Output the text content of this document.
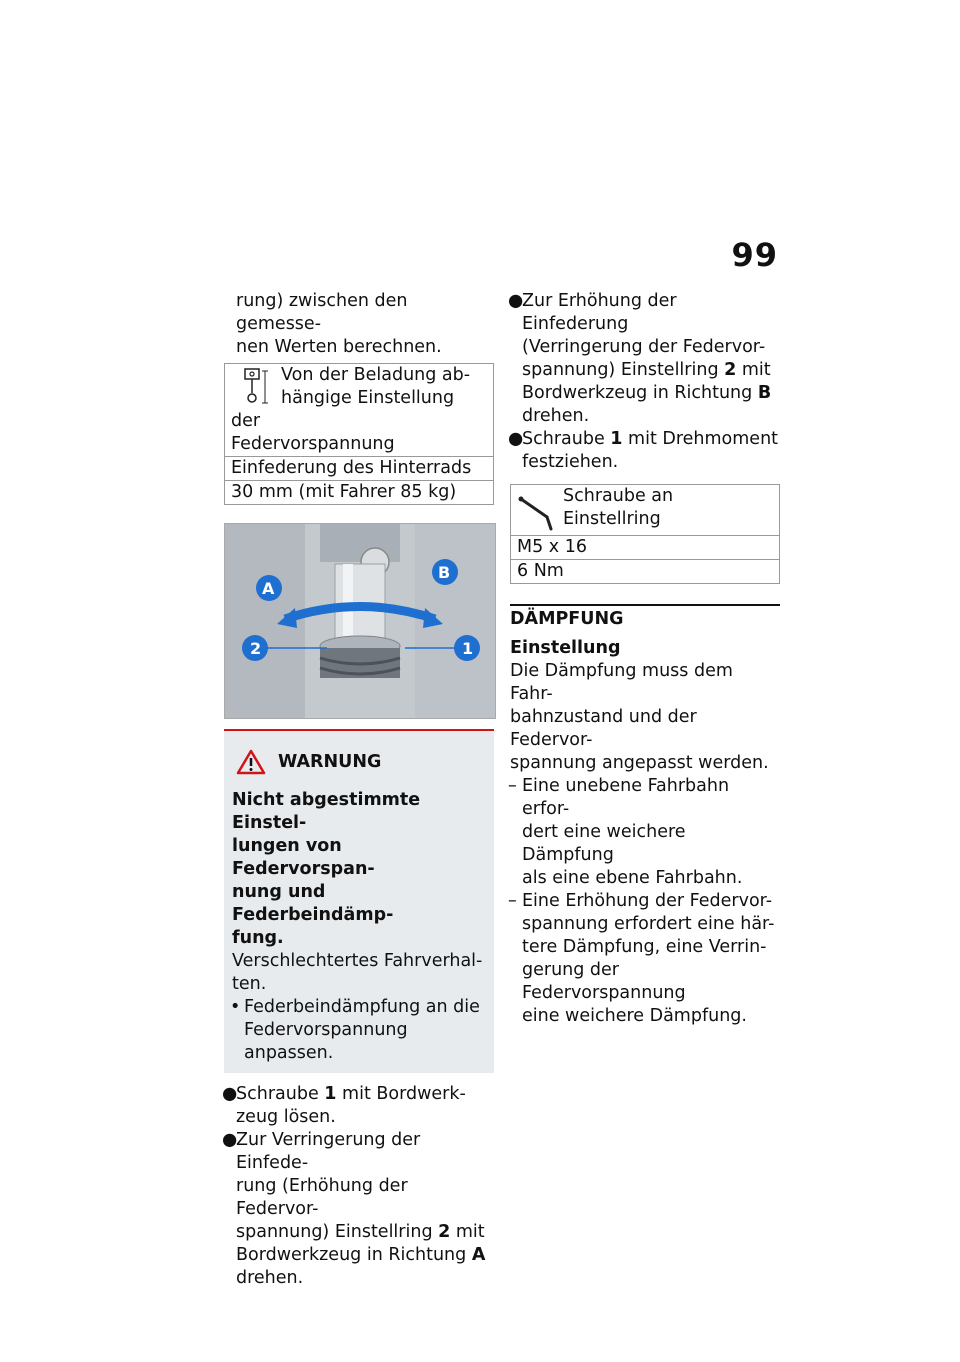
99

rung) zwischen den gemesse-

nen Werten berechnen.

Von der Beladung ab-
hängige Einstellung der
Federvorspannung

Einfederung des Hinterrads
30 mm (mit Fahrer 85 kg)
A
B
2	1
WARNUNG
Nicht abgestimmte Einstel-
lungen von Federvorspan-
nung und Federbeindämp-
fung.
Verschlechtertes Fahrverhal-
ten.
• Federbeindämpfung an die
Federvorspannung anpassen.
●
Schraube 1 mit Bordwerk-
zeug lösen.
●
Zur Verringerung der Einfede-
rung (Erhöhung der Federvor-
spannung) Einstellring 2 mit
Bordwerkzeug in Richtung A
drehen.
●
Zur Erhöhung der Einfederung
(Verringerung der Federvor-
spannung) Einstellring 2 mit
Bordwerkzeug in Richtung B
drehen.
●
Schraube 1 mit Drehmoment
festziehen.
Schraube an Einstellring
M5 x 16
6 Nm
DÄMPFUNG
Einstellung
Die Dämpfung muss dem Fahr-
bahnzustand und der Federvor-
spannung angepasst werden.
– Eine unebene Fahrbahn erfor-
dert eine weichere Dämpfung
als eine ebene Fahrbahn.
– Eine Erhöhung der Federvor-
spannung erfordert eine här-
tere Dämpfung, eine Verrin-
gerung der Federvorspannung
eine weichere Dämpfung.
